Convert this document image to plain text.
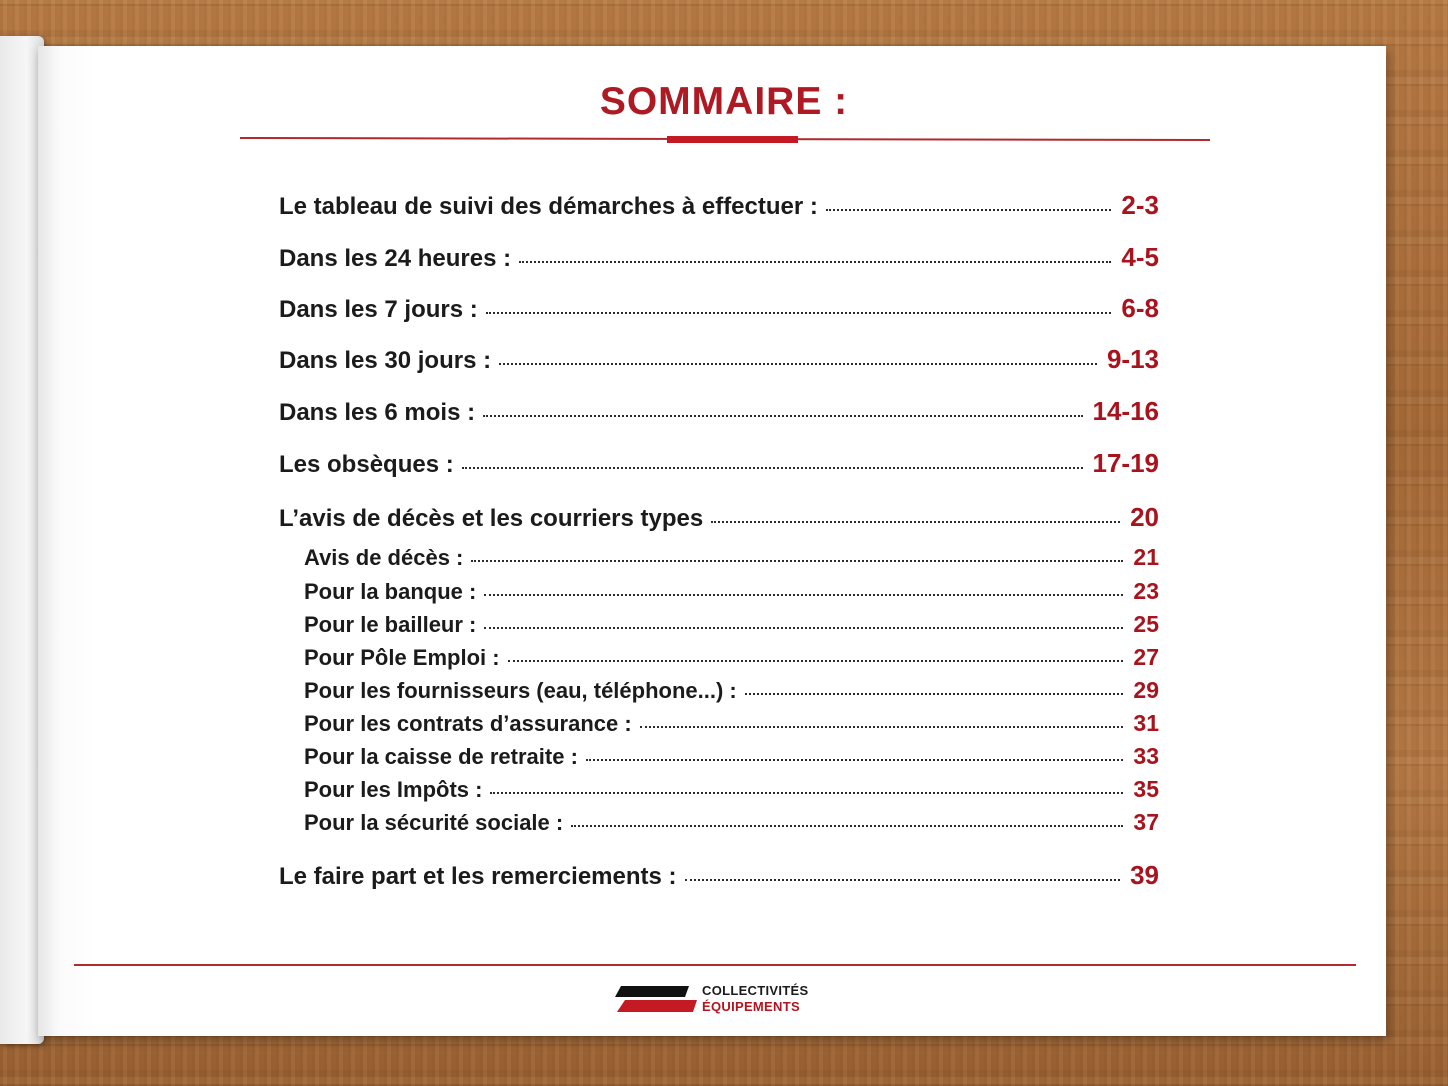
SOMMAIRE :
Le tableau de suivi des démarches à effectuer :	2-3
Dans les 24 heures :	4-5
Dans les 7 jours :	6-8
Dans les 30 jours :	9-13
Dans les 6 mois :	14-16
Les obsèques :	17-19
L’avis de décès et les courriers types	20
Avis de décès :	21
Pour la banque :	23
Pour le bailleur :	25
Pour Pôle Emploi :	27
Pour les fournisseurs (eau, téléphone...) :	29
Pour les contrats d’assurance :	31
Pour la caisse de retraite :	33
Pour les Impôts :	35
Pour la sécurité sociale :	37
Le faire part et les remerciements :	39
COLLECTIVITÉS
ÉQUIPEMENTS
